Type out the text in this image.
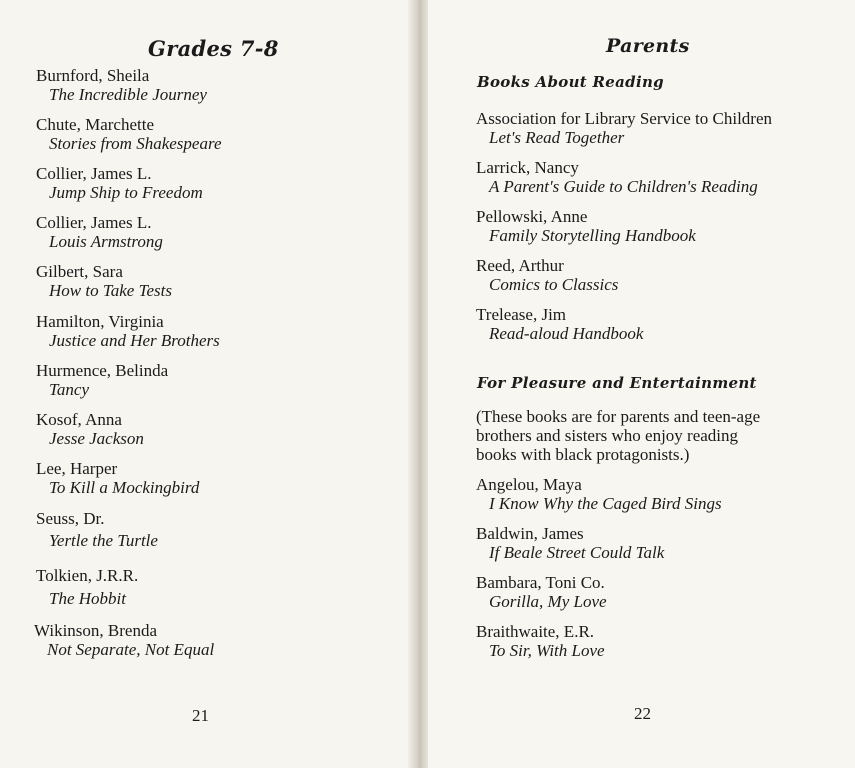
Grades 7-8
Burnford, Sheila
The Incredible Journey
Chute, Marchette
Stories from Shakespeare
Collier, James L.
Jump Ship to Freedom
Collier, James L.
Louis Armstrong
Gilbert, Sara
How to Take Tests
Hamilton, Virginia
Justice and Her Brothers
Hurmence, Belinda
Tancy
Kosof, Anna
Jesse Jackson
Lee, Harper
To Kill a Mockingbird
Seuss, Dr.
Yertle the Turtle
Tolkien, J.R.R.
The Hobbit
Wikinson, Brenda
Not Separate, Not Equal
21
Parents
Books About Reading
Association for Library Service to Children
Let's Read Together
Larrick, Nancy
A Parent's Guide to Children's Reading
Pellowski, Anne
Family Storytelling Handbook
Reed, Arthur
Comics to Classics
Trelease, Jim
Read-aloud Handbook
For Pleasure and Entertainment
(These books are for parents and teen-age
brothers and sisters who enjoy reading
books with black protagonists.)
Angelou, Maya
I Know Why the Caged Bird Sings
Baldwin, James
If Beale Street Could Talk
Bambara, Toni Co.
Gorilla, My Love
Braithwaite, E.R.
To Sir, With Love
22
